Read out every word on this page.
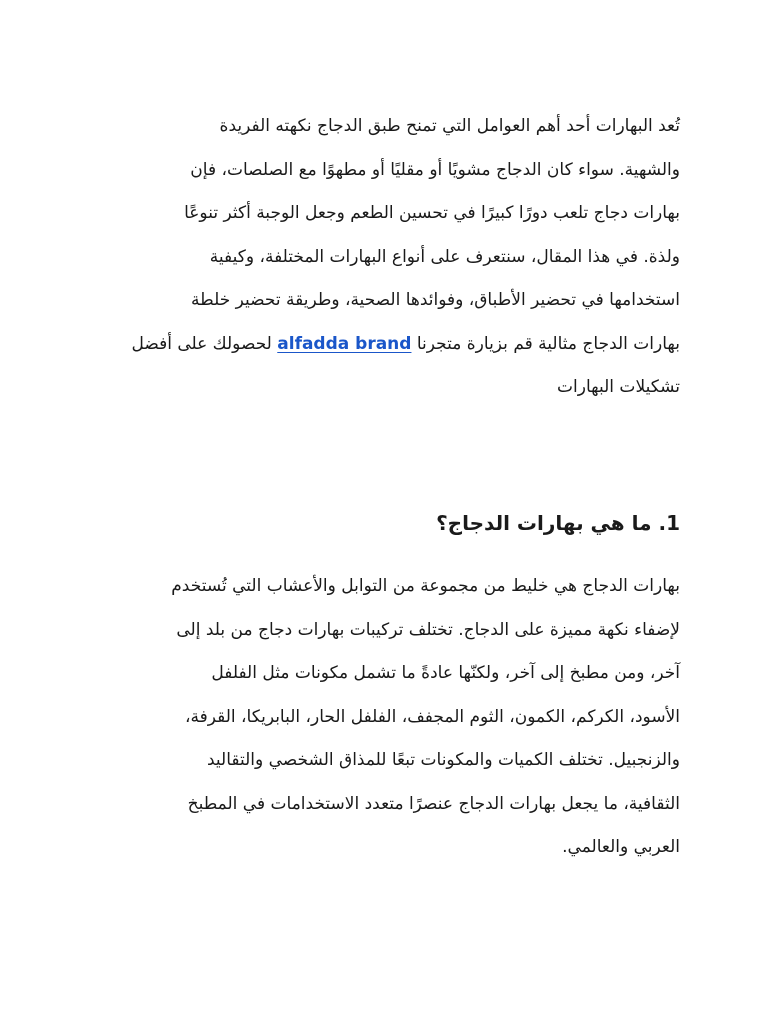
تُعد البهارات أحد أهم العوامل التي تمنح طبق الدجاج نكهته الفريدة
والشهية. سواء كان الدجاج مشويًا أو مقليًا أو مطهوًا مع الصلصات، فإن
بهارات دجاج تلعب دورًا كبيرًا في تحسين الطعم وجعل الوجبة أكثر تنوعًا
ولذة. في هذا المقال، سنتعرف على أنواع البهارات المختلفة، وكيفية
استخدامها في تحضير الأطباق، وفوائدها الصحية، وطريقة تحضير خلطة
بهارات الدجاج مثالية قم بزيارة متجرنا alfadda brand لحصولك على أفضل
تشكيلات البهارات

1. ما هي بهارات الدجاج؟

بهارات الدجاج هي خليط من مجموعة من التوابل والأعشاب التي تُستخدم
لإضفاء نكهة مميزة على الدجاج. تختلف تركيبات بهارات دجاج من بلد إلى
آخر، ومن مطبخ إلى آخر، ولكنّها عادةً ما تشمل مكونات مثل الفلفل
الأسود، الكركم، الكمون، الثوم المجفف، الفلفل الحار، البابريكا، القرفة،
والزنجبيل. تختلف الكميات والمكونات تبعًا للمذاق الشخصي والتقاليد
الثقافية، ما يجعل بهارات الدجاج عنصرًا متعدد الاستخدامات في المطبخ
العربي والعالمي.
